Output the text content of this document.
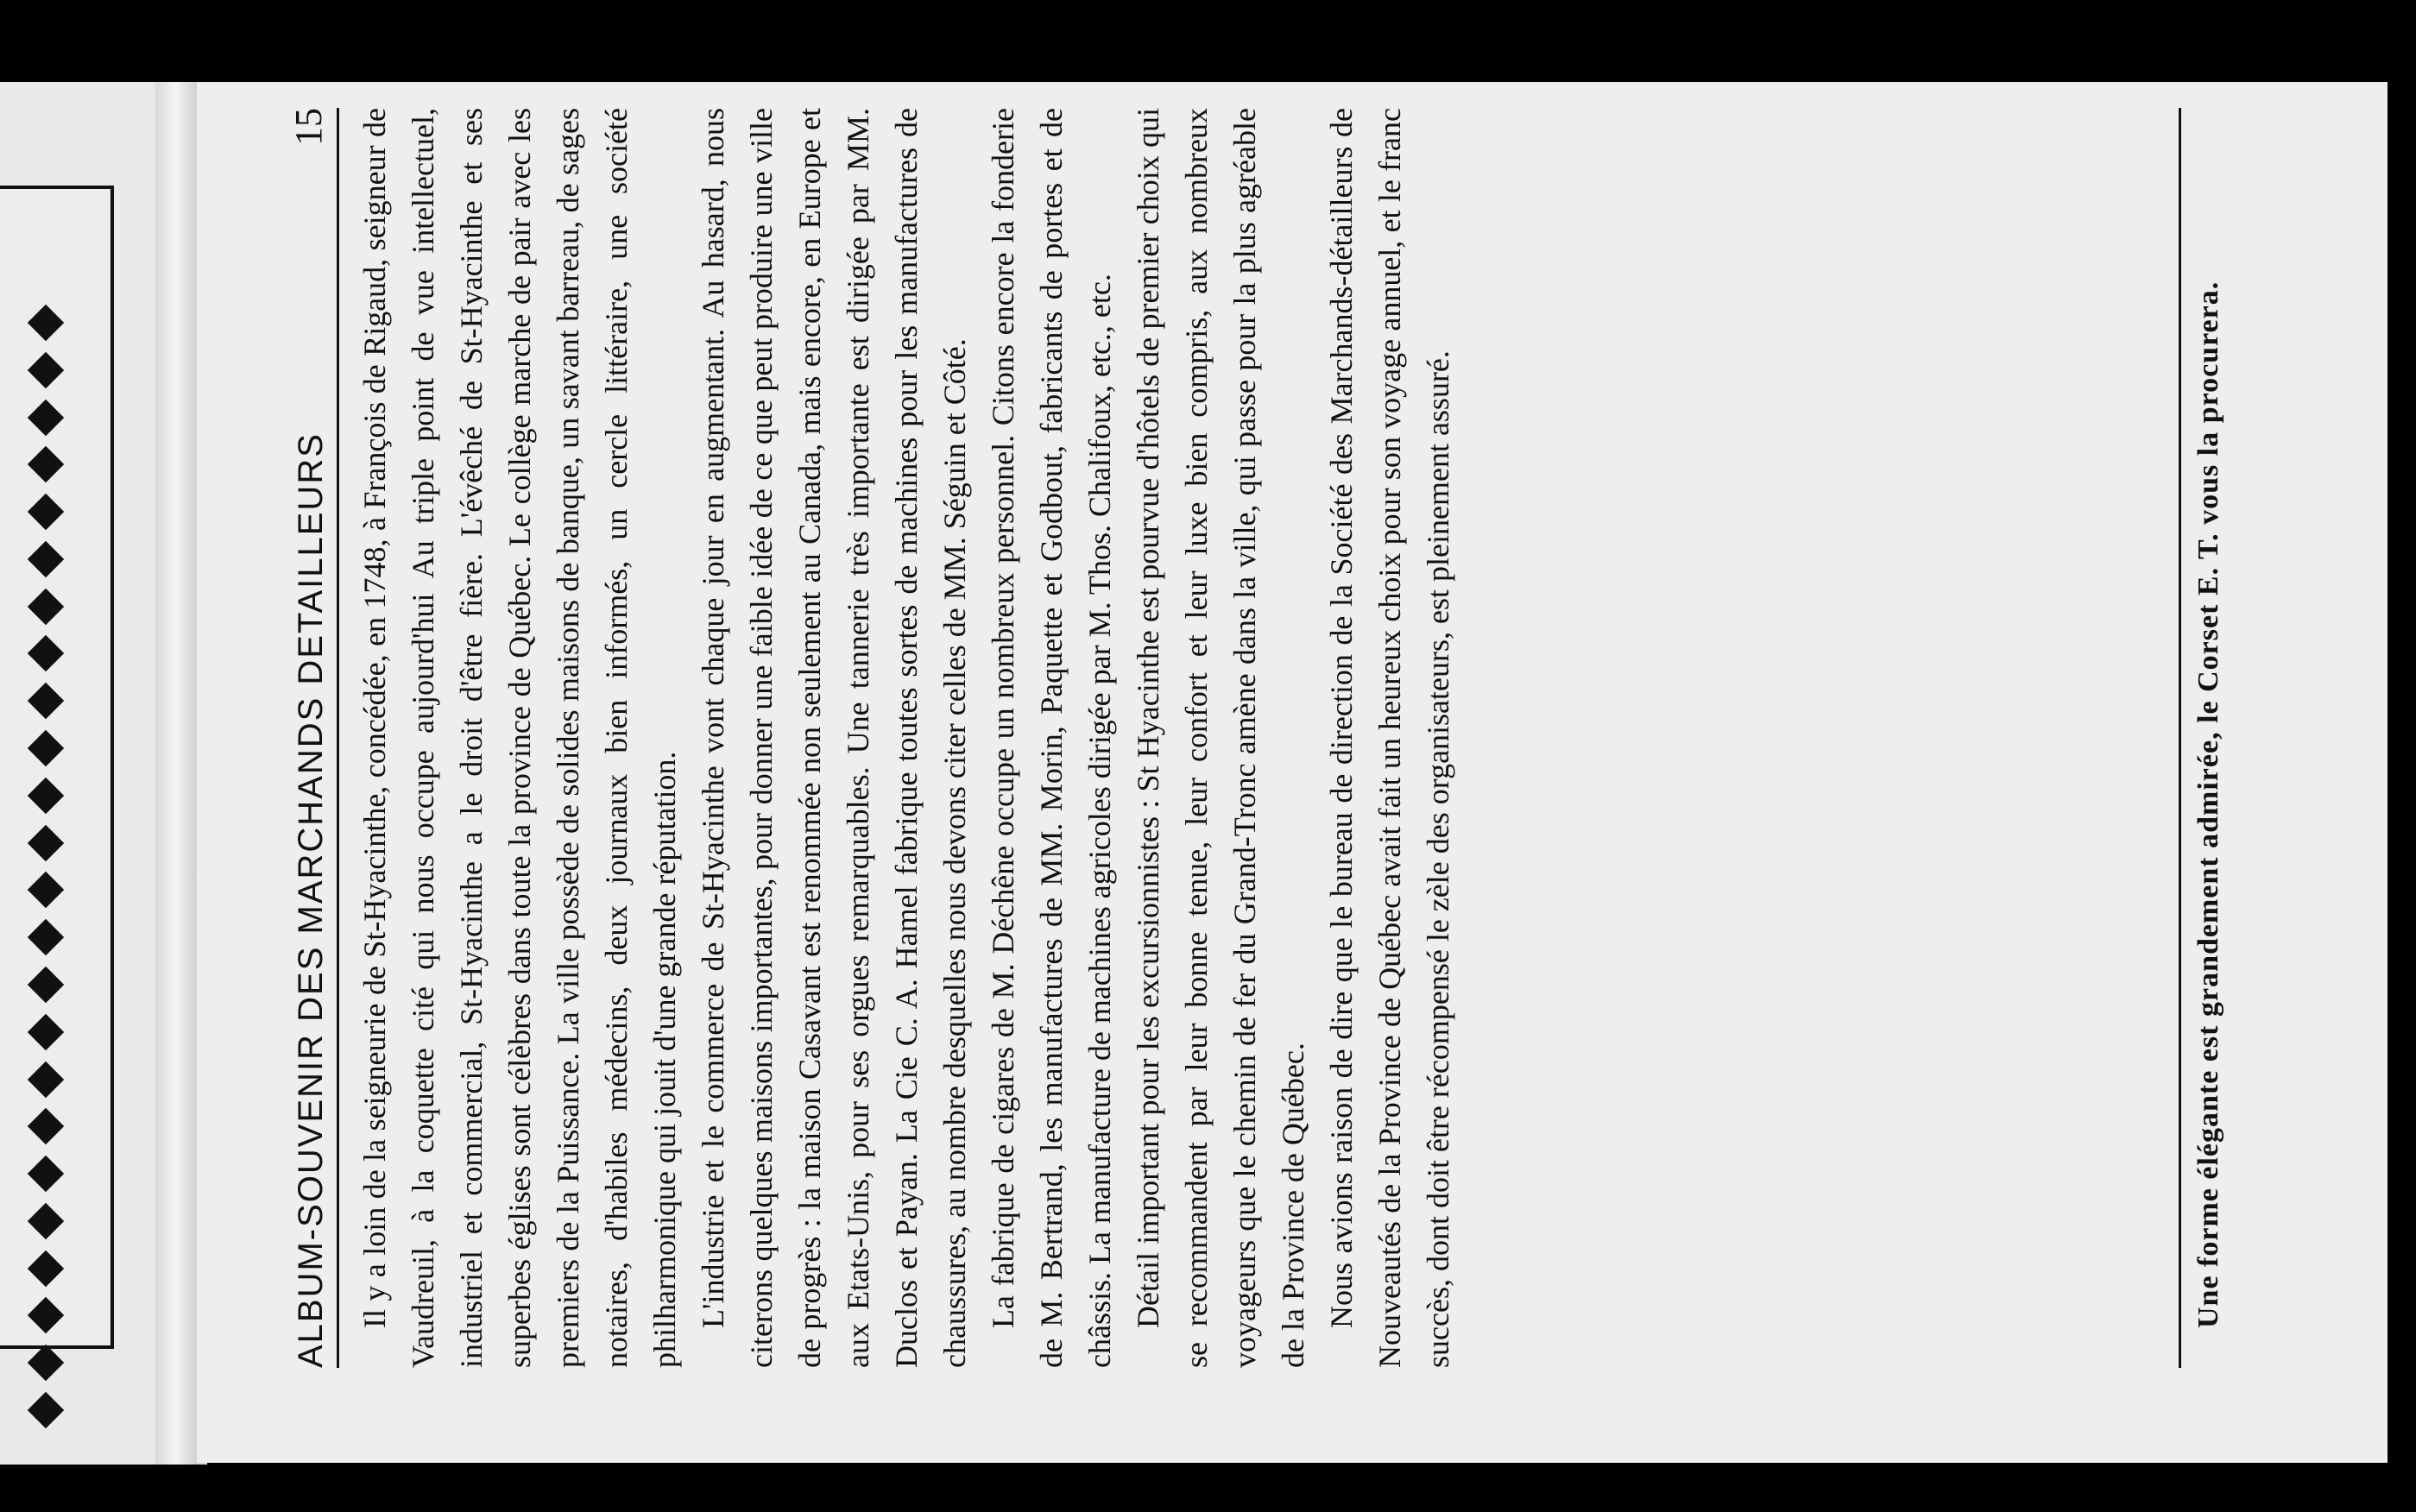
ALBUM-SOUVENIR DES MARCHANDS DETAILLEURS
15 Il y a loin de la seigneurie de St-Hyacinthe, concédée, en 1748, à François de Rigaud, seigneur de Vaudreuil, à la coquette cité qui nous occupe aujourd'hui Au triple point de vue intellectuel, industriel et commercial, St-Hyacinthe a le droit d'être fière. L'évêché de St-Hyacinthe et ses superbes églises sont célèbres dans toute la province de Québec. Le collège marche de pair avec les premiers de la Puissance. La ville possède de solides maisons de banque, un savant barreau, de sages notaires, d'habiles médecins, deux journaux bien informés, un cercle littéraire, une société philharmonique qui jouit d'une grande réputation. L'industrie et le commerce de St-Hyacinthe vont chaque jour en augmentant. Au hasard, nous citerons quelques maisons importantes, pour donner une faible idée de ce que peut produire une ville de progrès : la maison Casavant est renommée non seulement au Canada, mais encore, en Europe et aux Etats-Unis, pour ses orgues remarquables. Une tannerie très importante est dirigée par MM. Duclos et Payan. La Cie C. A. Hamel fabrique toutes sortes de machines pour les manufactures de chaussures, au nombre desquelles nous devons citer celles de MM. Séguin et Côté. La fabrique de cigares de M. Déchêne occupe un nombreux personnel. Citons encore la fonderie de M. Bertrand, les manufactures de MM. Morin, Paquette et Godbout, fabricants de portes et de châssis. La manufacture de machines agricoles dirigée par M. Thos. Chalifoux, etc., etc. Détail important pour les excursionnistes : St Hyacinthe est pourvue d'hôtels de premier choix qui se recommandent par leur bonne tenue, leur confort et leur luxe bien compris, aux nombreux voyageurs que le chemin de fer du Grand-Tronc amène dans la ville, qui passe pour la plus agréable de la Province de Québec. Nous avions raison de dire que le bureau de direction de la Société des Marchands-détailleurs de Nouveautés de la Province de Québec avait fait un heureux choix pour son voyage annuel, et le franc succès, dont doit être récompensé le zèle des organisateurs, est pleinement assuré.	Une forme élégante est grandement admirée, le Corset E. T. vous la procurera.
